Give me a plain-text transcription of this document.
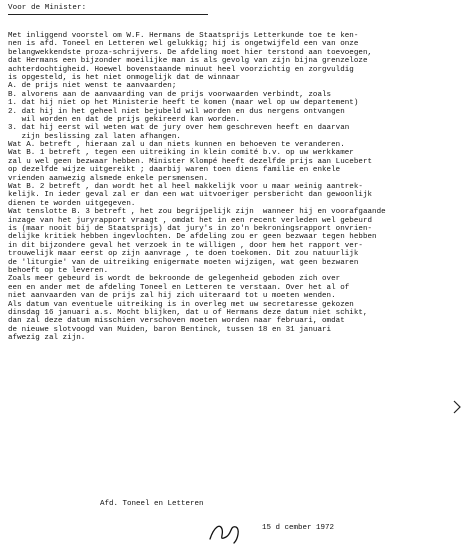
Voor de Minister:
Met inliggend voorstel om W.F. Hermans de Staatsprijs Letterkunde toe te ken-
nen is afd. Toneel en Letteren wel gelukkig; hij is ongetwijfeld een van onze
belangwekkendste proza-schrijvers. De afdeling moet hier terstond aan toevoegen,
dat Hermans een bijzonder moeilijke man is als gevolg van zijn bijna grenzeloze
achterdochtigheid. Hoewel bovenstaande minuut heel voorzichtig en zorgvuldig
is opgesteld, is het niet onmogelijk dat de winnaar
A. de prijs niet wenst te aanvaarden;
B. alvorens aan de aanvaarding van de prijs voorwaarden verbindt, zoals
1. dat hij niet op het Ministerie heeft te komen (maar wel op uw departement)
2. dat hij in het geheel niet bejubeld wil worden en dus nergens ontvangen
wil worden en dat de prijs gekireerd kan worden.
3. dat hij eerst wil weten wat de jury over hem geschreven heeft en daarvan
zijn beslissing zal laten afhangen.
Wat A. betreft , hieraan zal u dan niets kunnen en behoeven te veranderen.
Wat B. 1 betreft , tegen een uitreiking in klein comité b.v. op uw werkkamer
zal u wel geen bezwaar hebben. Minister Klompé heeft dezelfde prijs aan Lucebert
op dezelfde wijze uitgereikt ; daarbij waren toen diens familie en enkele
vrienden aanwezig alsmede enkele persmensen.
Wat B. 2 betreft , dan wordt het al heel makkelijk voor u maar weinig aantrek-
kelijk. In ieder geval zal er dan een wat uitvoeriger persbericht dan gewoonlijk
dienen te worden uitgegeven.
Wat tenslotte B. 3 betreft , het zou begrijpelijk zijn  wanneer hij en voorafgaande
inzage van het juryrapport vraagt , omdat het in een recent verleden wel gebeurd
is (maar nooit bij de Staatsprijs) dat jury's in zo'n bekroningsrapport onvrien-
delijke kritiek hebben ingevlochten. De afdeling zou er geen bezwaar tegen hebben
in dit bijzondere geval het verzoek in te willigen , door hem het rapport ver-
trouwelijk maar eerst op zijn aanvrage , te doen toekomen. Dit zou natuurlijk
de 'liturgie' van de uitreiking enigermate moeten wijzigen, wat geen bezwaren
behoeft op te leveren.
Zoals meer gebeurd is wordt de bekroonde de gelegenheid geboden zich over
een en ander met de afdeling Toneel en Letteren te verstaan. Over het al of
niet aanvaarden van de prijs zal hij zich uiteraard tot u moeten wenden.
Als datum van eventuele uitreiking is in overleg met uw secretaresse gekozen
dinsdag 16 januari a.s. Mocht blijken, dat u of Hermans deze datum niet schikt,
dan zal deze datum misschien verschoven moeten worden naar februari, omdat
de nieuwe slotvoogd van Muiden, baron Bentinck, tussen 18 en 31 januari
afwezig zal zijn.
Afd. Toneel en Letteren
15 d cember 1972
